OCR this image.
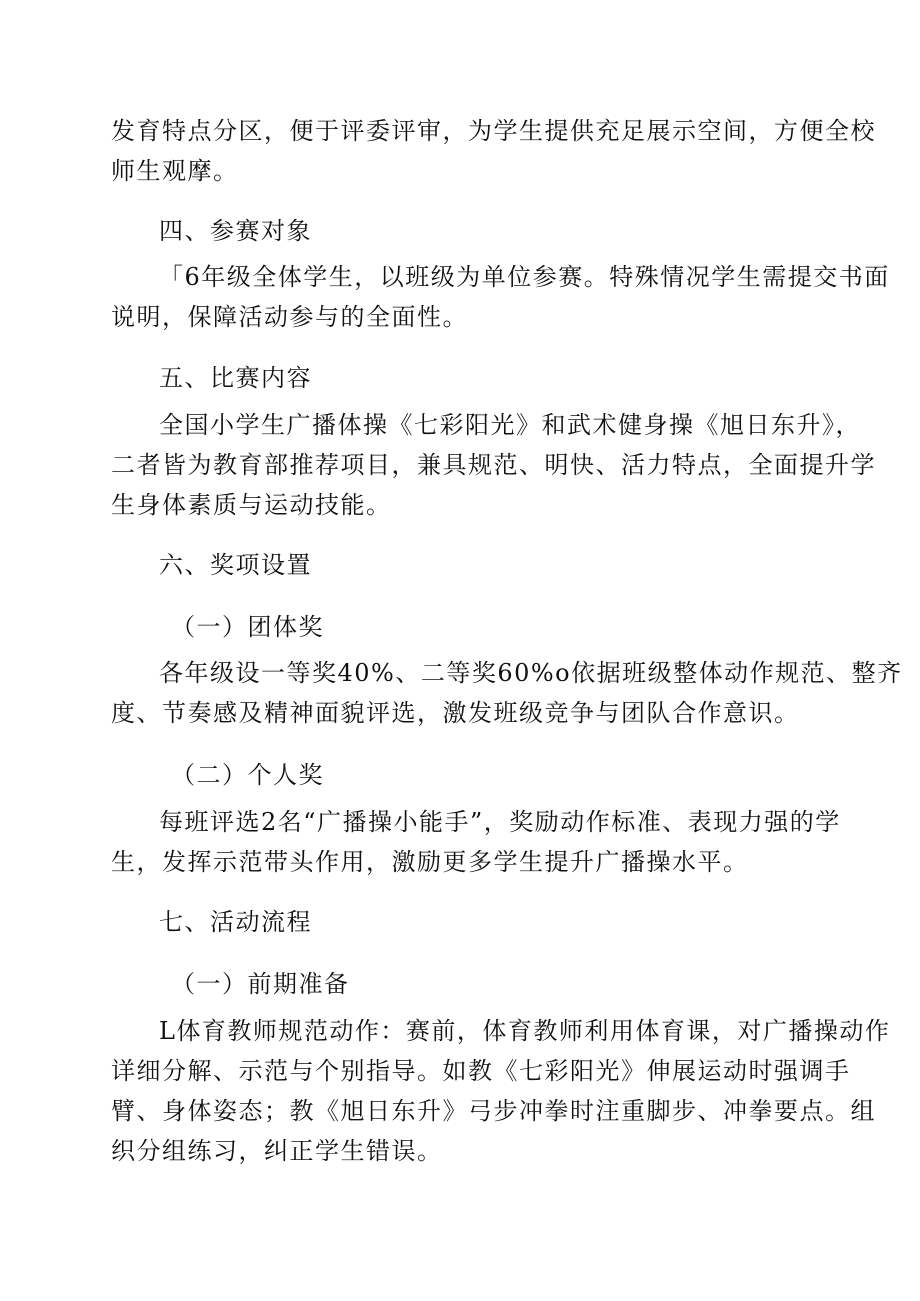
发育特点分区，便于评委评审，为学生提供充足展示空间，方便全校
师生观摩。
四、参赛对象
「6年级全体学生，以班级为单位参赛。特殊情况学生需提交书面
说明，保障活动参与的全面性。
五、比赛内容
全国小学生广播体操《七彩阳光》和武术健身操《旭日东升》，
二者皆为教育部推荐项目，兼具规范、明快、活力特点，全面提升学
生身体素质与运动技能。
六、奖项设置
（一）团体奖
各年级设一等奖40%、二等奖60%o依据班级整体动作规范、整齐
度、节奏感及精神面貌评选，激发班级竞争与团队合作意识。
（二）个人奖
每班评选2名“广播操小能手”，奖励动作标准、表现力强的学
生，发挥示范带头作用，激励更多学生提升广播操水平。
七、活动流程
（一）前期准备
L体育教师规范动作：赛前，体育教师利用体育课，对广播操动作
详细分解、示范与个别指导。如教《七彩阳光》伸展运动时强调手
臂、身体姿态；教《旭日东升》弓步冲拳时注重脚步、冲拳要点。组
织分组练习，纠正学生错误。
